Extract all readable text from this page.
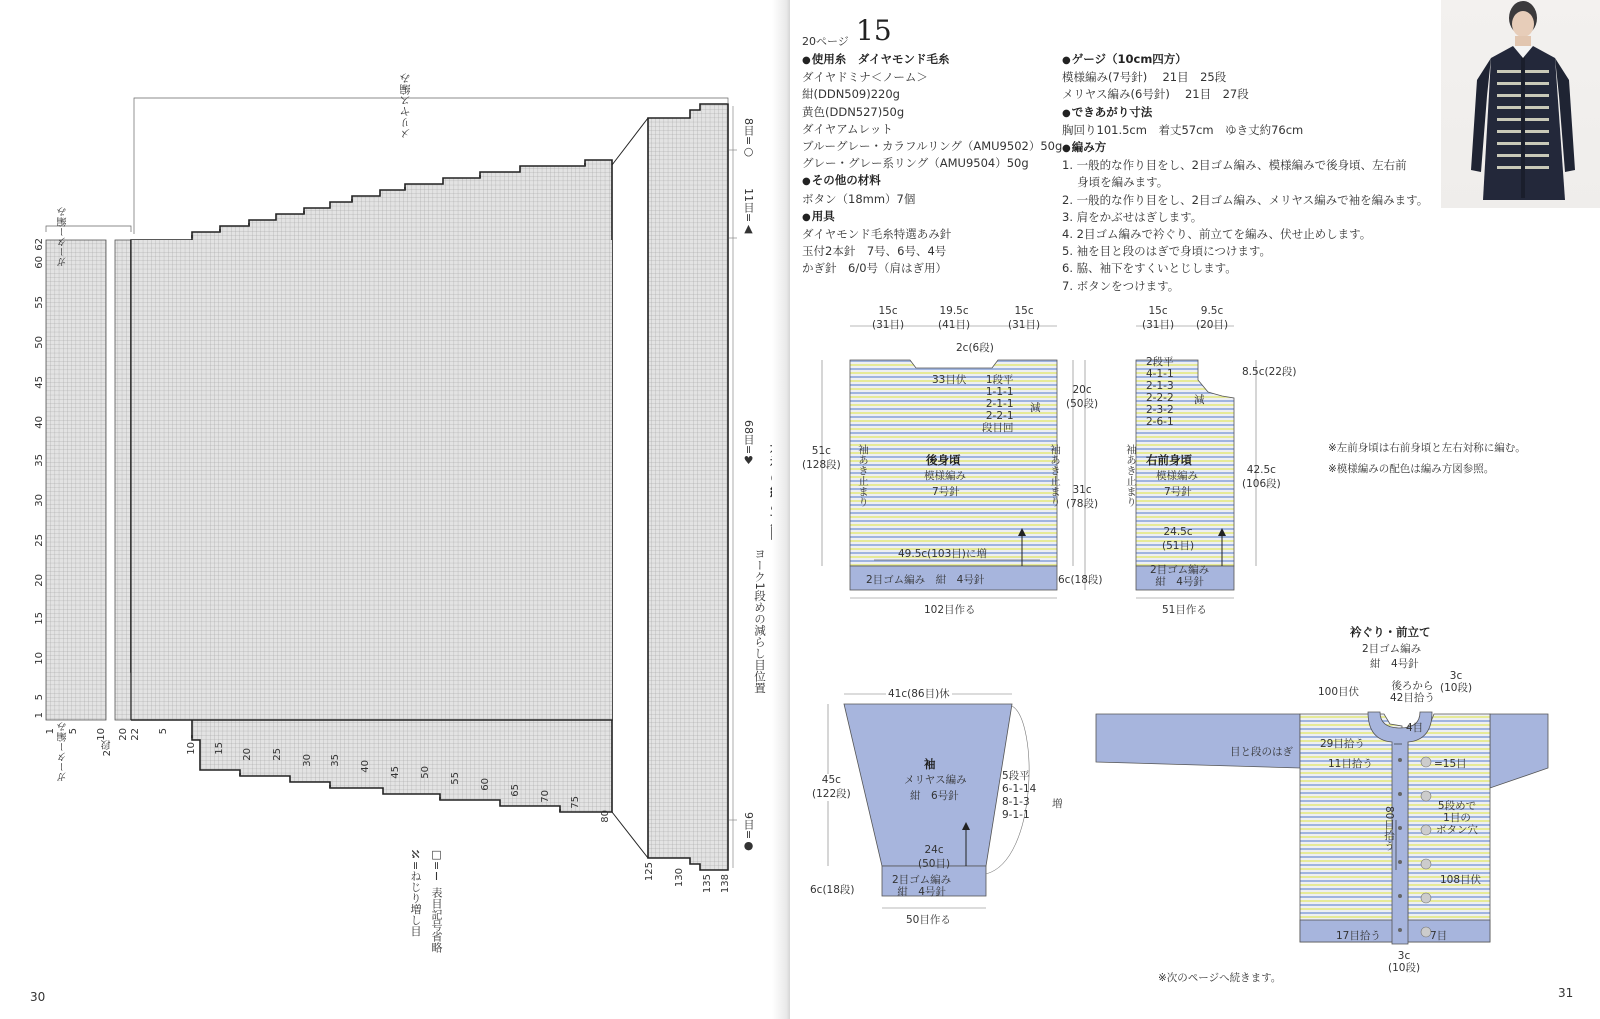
メリヤス編み
ガーター編み
ガーター編み	2段
1
5
10
15
20
25
30
35
40
45
50
55
60
62
1 5 10 20 22 5
10 15 20 25 30 35 40 45 50 55 60 65 70 75
80
125 130 135 138
8目=○
11目=▲
68目=♥
9目=●
ヨーク1段めの減らし目位置
□=Ⅰ 表目記号省略
ℵ=ねじり増し目
30
20ページ 15
● 使用糸　ダイヤモンド毛糸
ダイヤドミナ＜ノーム＞
紺(DDN509)220g
黄色(DDN527)50g
ダイヤアムレット
ブルーグレー・カラフルリング（AMU9502）50g
グレー・グレー系リング（AMU9504）50g
● その他の材料
ボタン（18mm）7個
● 用具
ダイヤモンド毛糸特選あみ針
玉付2本針　7号、6号、4号
かぎ針　6/0号（肩はぎ用）
● ゲージ（10cm四方）
模様編み(7号針)　 21目　25段
メリヤス編み(6号針)　 21目　27段
● できあがり寸法
胸回り101.5cm　着丈57cm　ゆき丈約76cm
● 編み方
1. 一般的な作り目をし、2目ゴム編み、模様編みで後身頃、左右前
　 身頃を編みます。
2. 一般的な作り目をし、2目ゴム編み、メリヤス編みで袖を編みます。
3. 肩をかぶせはぎします。
4. 2目ゴム編みで衿ぐり、前立てを編み、伏せ止めします。
5. 袖を目と段のはぎで身頃につけます。
6. 脇、袖下をすくいとじします。
7. ボタンをつけます。
※左前身頃は右前身頃と左右対称に編む。
※模様編みの配色は編み方図参照。
※次のページへ続きます。
31
15c
(31目)
19.5c
(41目)
15c
(31目)
2c(6段)
33目伏	1段平
1-1-1
2-1-1
2-2-1
段目回
減
51c
(128段) 袖あき止まり	袖あき止まり
後身頃
模様編み
7号針
20c
(50段)
31c
(78段)
49.5c(103目)に増
2目ゴム編み　紺　4号針	6c(18段)
102目作る
15c
(31目)
9.5c
(20目)
8.5c(22段)
2段平
4-1-1
2-1-3
2-2-2
2-3-2
2-6-1
減
袖あき止まり 右前身頃
模様編み
7号針
42.5c
(106段)
24.5c
(51目)
2目ゴム編み
紺　4号針
51目作る
41c(86目)休
袖
メリヤス編み
紺　6号針
45c
(122段)
5段平
6-1-14
8-1-3
9-1-1
増
24c
(50目)
2目ゴム編み
紺　4号針
6c(18段)
50目作る
衿ぐり・前立て
2目ゴム編み
紺　4号針
100目伏	後ろから
42目拾う
3c
(10段)
4目
29目拾う
目と段のはぎ
11目拾う	=15目
80目拾う	5段めで
1目の
ボタン穴
108目伏
17目拾う	7目
3c
(10段)
